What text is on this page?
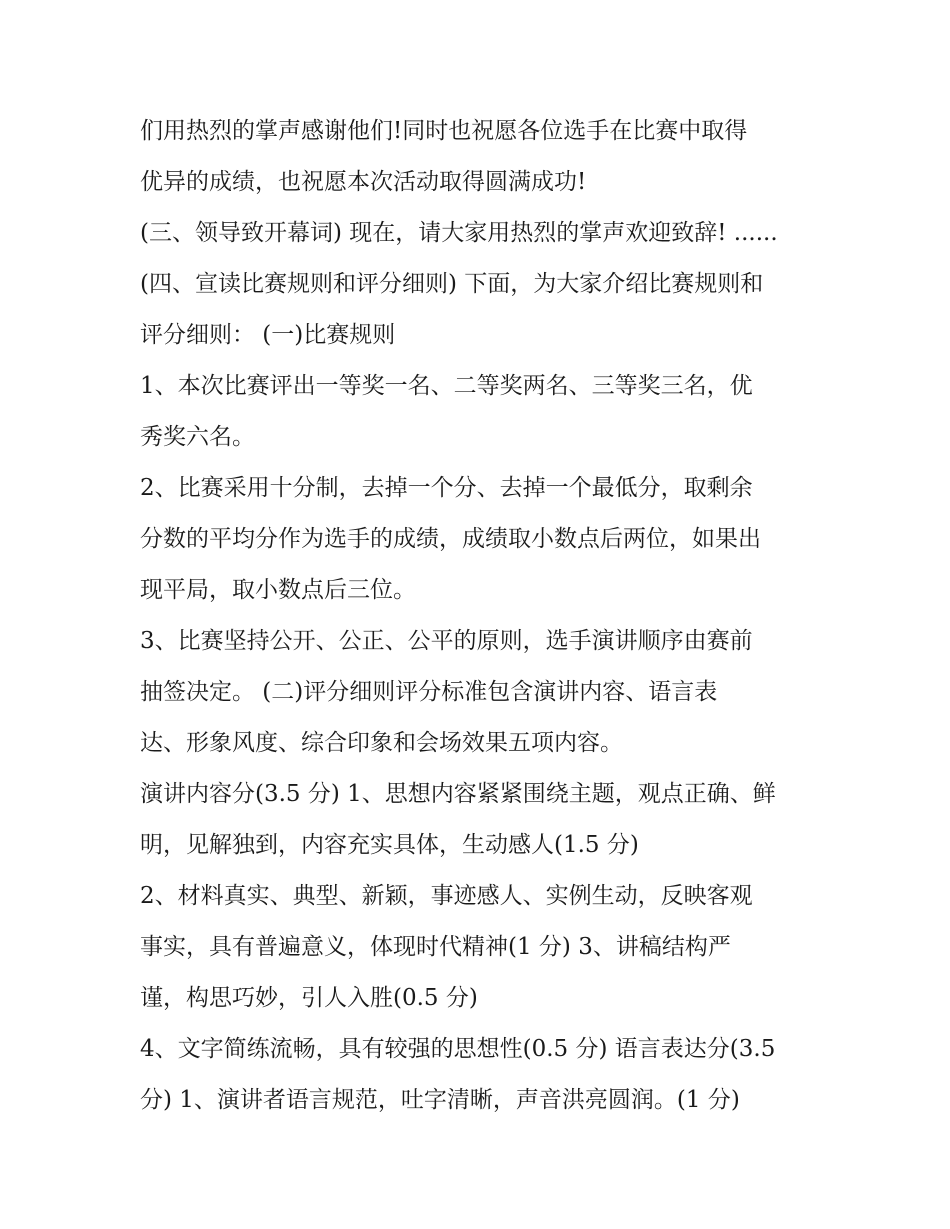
们用热烈的掌声感谢他们!同时也祝愿各位选手在比赛中取得
优异的成绩，也祝愿本次活动取得圆满成功!
(三、领导致开幕词) 现在，请大家用热烈的掌声欢迎致辞! ......
(四、宣读比赛规则和评分细则) 下面，为大家介绍比赛规则和
评分细则： (一)比赛规则
1、本次比赛评出一等奖一名、二等奖两名、三等奖三名，优
秀奖六名。
2、比赛采用十分制，去掉一个分、去掉一个最低分，取剩余
分数的平均分作为选手的成绩，成绩取小数点后两位，如果出
现平局，取小数点后三位。
3、比赛坚持公开、公正、公平的原则，选手演讲顺序由赛前
抽签决定。 (二)评分细则评分标准包含演讲内容、语言表
达、形象风度、综合印象和会场效果五项内容。
演讲内容分(3.5 分) 1、思想内容紧紧围绕主题，观点正确、鲜
明，见解独到，内容充实具体，生动感人(1.5 分)
2、材料真实、典型、新颖，事迹感人、实例生动，反映客观
事实，具有普遍意义，体现时代精神(1 分) 3、讲稿结构严
谨，构思巧妙，引人入胜(0.5 分)
4、文字简练流畅，具有较强的思想性(0.5 分) 语言表达分(3.5
分) 1、演讲者语言规范，吐字清晰，声音洪亮圆润。(1 分)
